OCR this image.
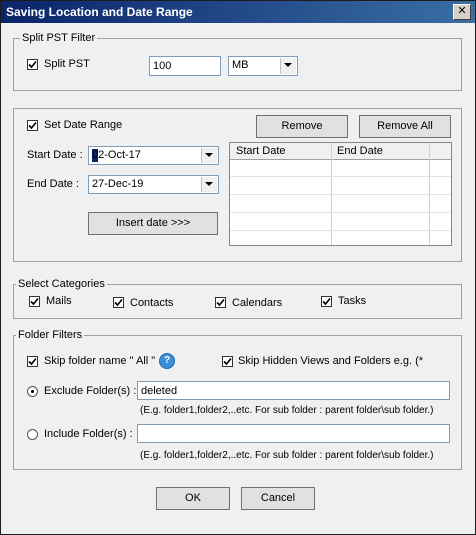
Saving Location and Date Range	✕
Split PST Filter
Split PST	100	MB
Set Date Range	Remove	Remove All
Start Date : 02-Oct-17
End Date : 27-Dec-19
Insert date >>>
Start Date	End Date
Select Categories
Mails	Contacts	Calendars	Tasks
Folder Filters
Skip folder name " All " ?	Skip Hidden Views and Folders e.g. (*
Exclude Folder(s) : deleted
(E.g. folder1,folder2,..etc. For sub folder : parent folder\sub folder.)
Include Folder(s) :
(E.g. folder1,folder2,..etc. For sub folder : parent folder\sub folder.)
OK	Cancel
